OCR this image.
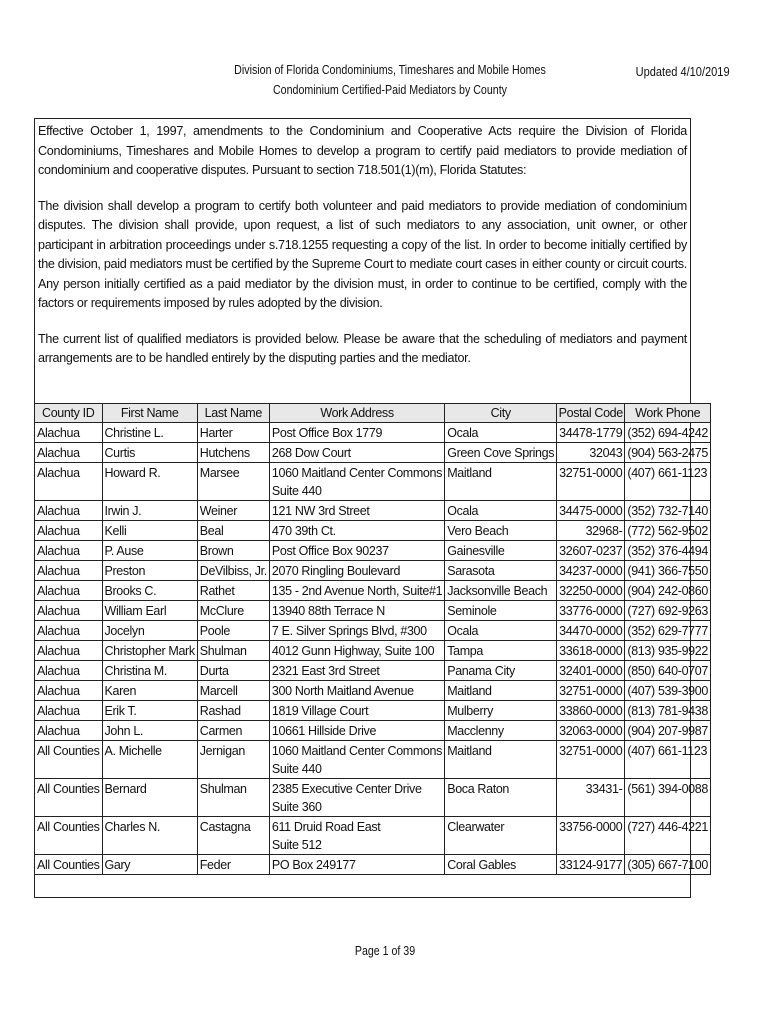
Division of Florida Condominiums, Timeshares and Mobile Homes
Condominium Certified-Paid Mediators by County
Updated 4/10/2019

Effective October 1, 1997, amendments to the Condominium and Cooperative Acts require the Division of Florida Condominiums, Timeshares and Mobile Homes to develop a program to certify paid mediators to provide mediation of condominium and cooperative disputes. Pursuant to section 718.501(1)(m), Florida Statutes:

The division shall develop a program to certify both volunteer and paid mediators to provide mediation of condominium disputes. The division shall provide, upon request, a list of such mediators to any association, unit owner, or other participant in arbitration proceedings under s.718.1255 requesting a copy of the list. In order to become initially certified by the division, paid mediators must be certified by the Supreme Court to mediate court cases in either county or circuit courts. Any person initially certified as a paid mediator by the division must, in order to continue to be certified, comply with the factors or requirements imposed by rules adopted by the division.

The current list of qualified mediators is provided below. Please be aware that the scheduling of mediators and payment arrangements are to be handled entirely by the disputing parties and the mediator.

County ID	First Name	Last Name	Work Address	City	Postal Code	Work Phone
Alachua	Christine L.	Harter	Post Office Box 1779	Ocala	34478-1779	(352) 694-4242
Alachua	Curtis	Hutchens	268 Dow Court	Green Cove Springs	32043	(904) 563-2475
Alachua	Howard R.	Marsee	1060 Maitland Center Commons
Suite 440	Maitland	32751-0000	(407) 661-1123
Alachua	Irwin J.	Weiner	121 NW 3rd Street	Ocala	34475-0000	(352) 732-7140
Alachua	Kelli	Beal	470 39th Ct.	Vero Beach	32968-	(772) 562-9502
Alachua	P. Ause	Brown	Post Office Box 90237	Gainesville	32607-0237	(352) 376-4494
Alachua	Preston	DeVilbiss, Jr.	2070 Ringling Boulevard	Sarasota	34237-0000	(941) 366-7550
Alachua	Brooks C.	Rathet	135 - 2nd Avenue North, Suite#1	Jacksonville Beach	32250-0000	(904) 242-0860
Alachua	William Earl	McClure	13940 88th Terrace N	Seminole	33776-0000	(727) 692-9263
Alachua	Jocelyn	Poole	7 E. Silver Springs Blvd, #300	Ocala	34470-0000	(352) 629-7777
Alachua	Christopher Mark	Shulman	4012 Gunn Highway, Suite 100	Tampa	33618-0000	(813) 935-9922
Alachua	Christina M.	Durta	2321 East 3rd Street	Panama City	32401-0000	(850) 640-0707
Alachua	Karen	Marcell	300 North Maitland Avenue	Maitland	32751-0000	(407) 539-3900
Alachua	Erik T.	Rashad	1819 Village Court	Mulberry	33860-0000	(813) 781-9438
Alachua	John L.	Carmen	10661 Hillside Drive	Macclenny	32063-0000	(904) 207-9987
All Counties	A. Michelle	Jernigan	1060 Maitland Center Commons
Suite 440	Maitland	32751-0000	(407) 661-1123
All Counties	Bernard	Shulman	2385 Executive Center Drive
Suite 360	Boca Raton	33431-	(561) 394-0088
All Counties	Charles N.	Castagna	611 Druid Road East
Suite 512	Clearwater	33756-0000	(727) 446-4221
All Counties	Gary	Feder	PO Box 249177	Coral Gables	33124-9177	(305) 667-7100
Page 1 of 39
